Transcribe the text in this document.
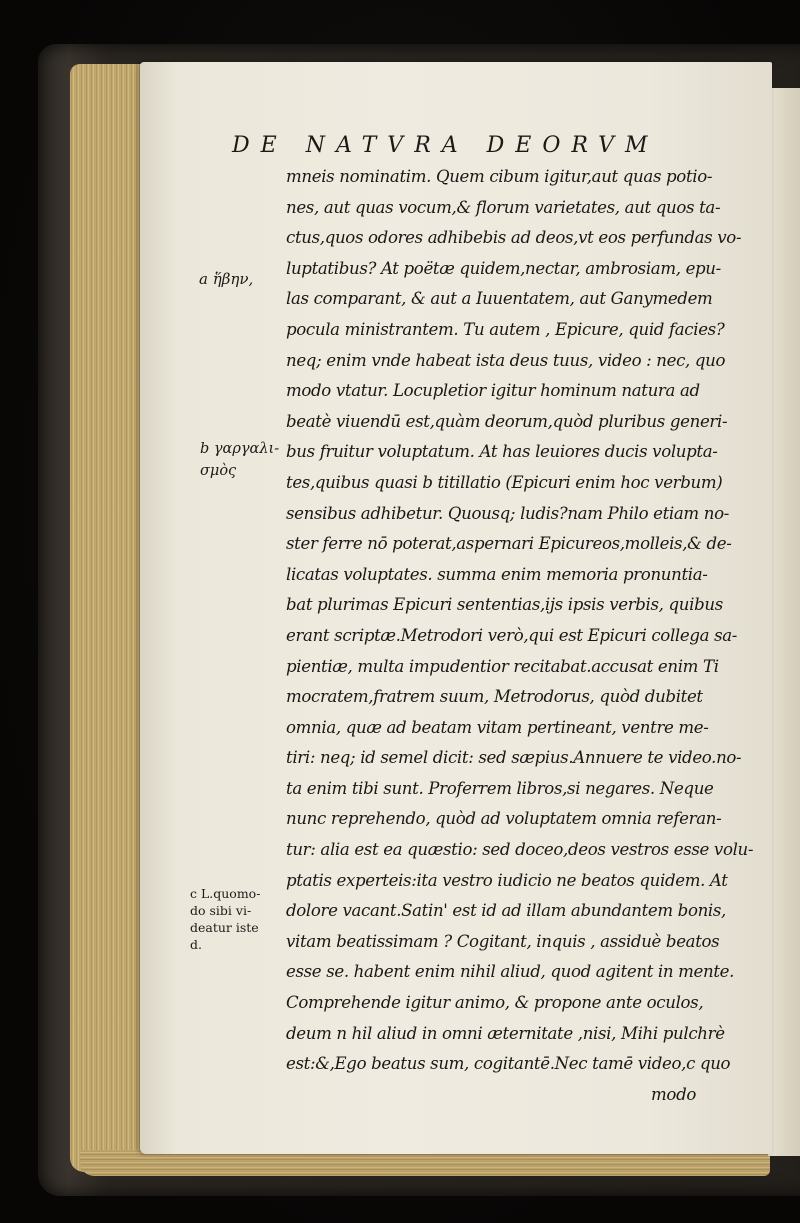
DE NATVRA DEORVM
a ἥβην,
b γαργαλι-
σμὸς
c L.quomo-
do sibi vi-
deatur iste
d.
mneis nominatim. Quem cibum igitur,aut quas potio-
nes, aut quas vocum,& florum varietates, aut quos ta-
ctus,quos odores adhibebis ad deos,vt eos perfundas vo-
luptatibus? At poëtæ quidem,nectar, ambrosiam, epu-
las comparant, & aut a Iuuentatem, aut Ganymedem
pocula ministrantem. Tu autem , Epicure, quid facies?
neq; enim vnde habeat ista deus tuus, video : nec, quo
modo vtatur. Locupletior igitur hominum natura ad
beatè viuendū est,quàm deorum,quòd pluribus generi-
bus fruitur voluptatum. At has leuiores ducis volupta-
tes,quibus quasi b titillatio (Epicuri enim hoc verbum)
sensibus adhibetur. Quousq; ludis?nam Philo etiam no-
ster ferre nō poterat,aspernari Epicureos,molleis,& de-
licatas voluptates. summa enim memoria pronuntia-
bat plurimas Epicuri sententias,ijs ipsis verbis, quibus
erant scriptæ.Metrodori verò,qui est Epicuri collega sa-
pientiæ, multa impudentior recitabat.accusat enim Ti
mocratem,fratrem suum, Metrodorus, quòd dubitet
omnia, quæ ad beatam vitam pertineant, ventre me-
tiri: neq; id semel dicit: sed sæpius.Annuere te video.no-
ta enim tibi sunt. Proferrem libros,si negares. Neque
nunc reprehendo, quòd ad voluptatem omnia referan-
tur: alia est ea quæstio: sed doceo,deos vestros esse volu-
ptatis experteis:ita vestro iudicio ne beatos quidem. At
dolore vacant.Satin' est id ad illam abundantem bonis,
vitam beatissimam ? Cogitant, inquis , assiduè beatos
esse se. habent enim nihil aliud, quod agitent in mente.
Comprehende igitur animo, & propone ante oculos,
deum n hil aliud in omni æternitate ,nisi, Mihi pulchrè
est:&,Ego beatus sum, cogitantē.Nec tamē video,c quo
modo
